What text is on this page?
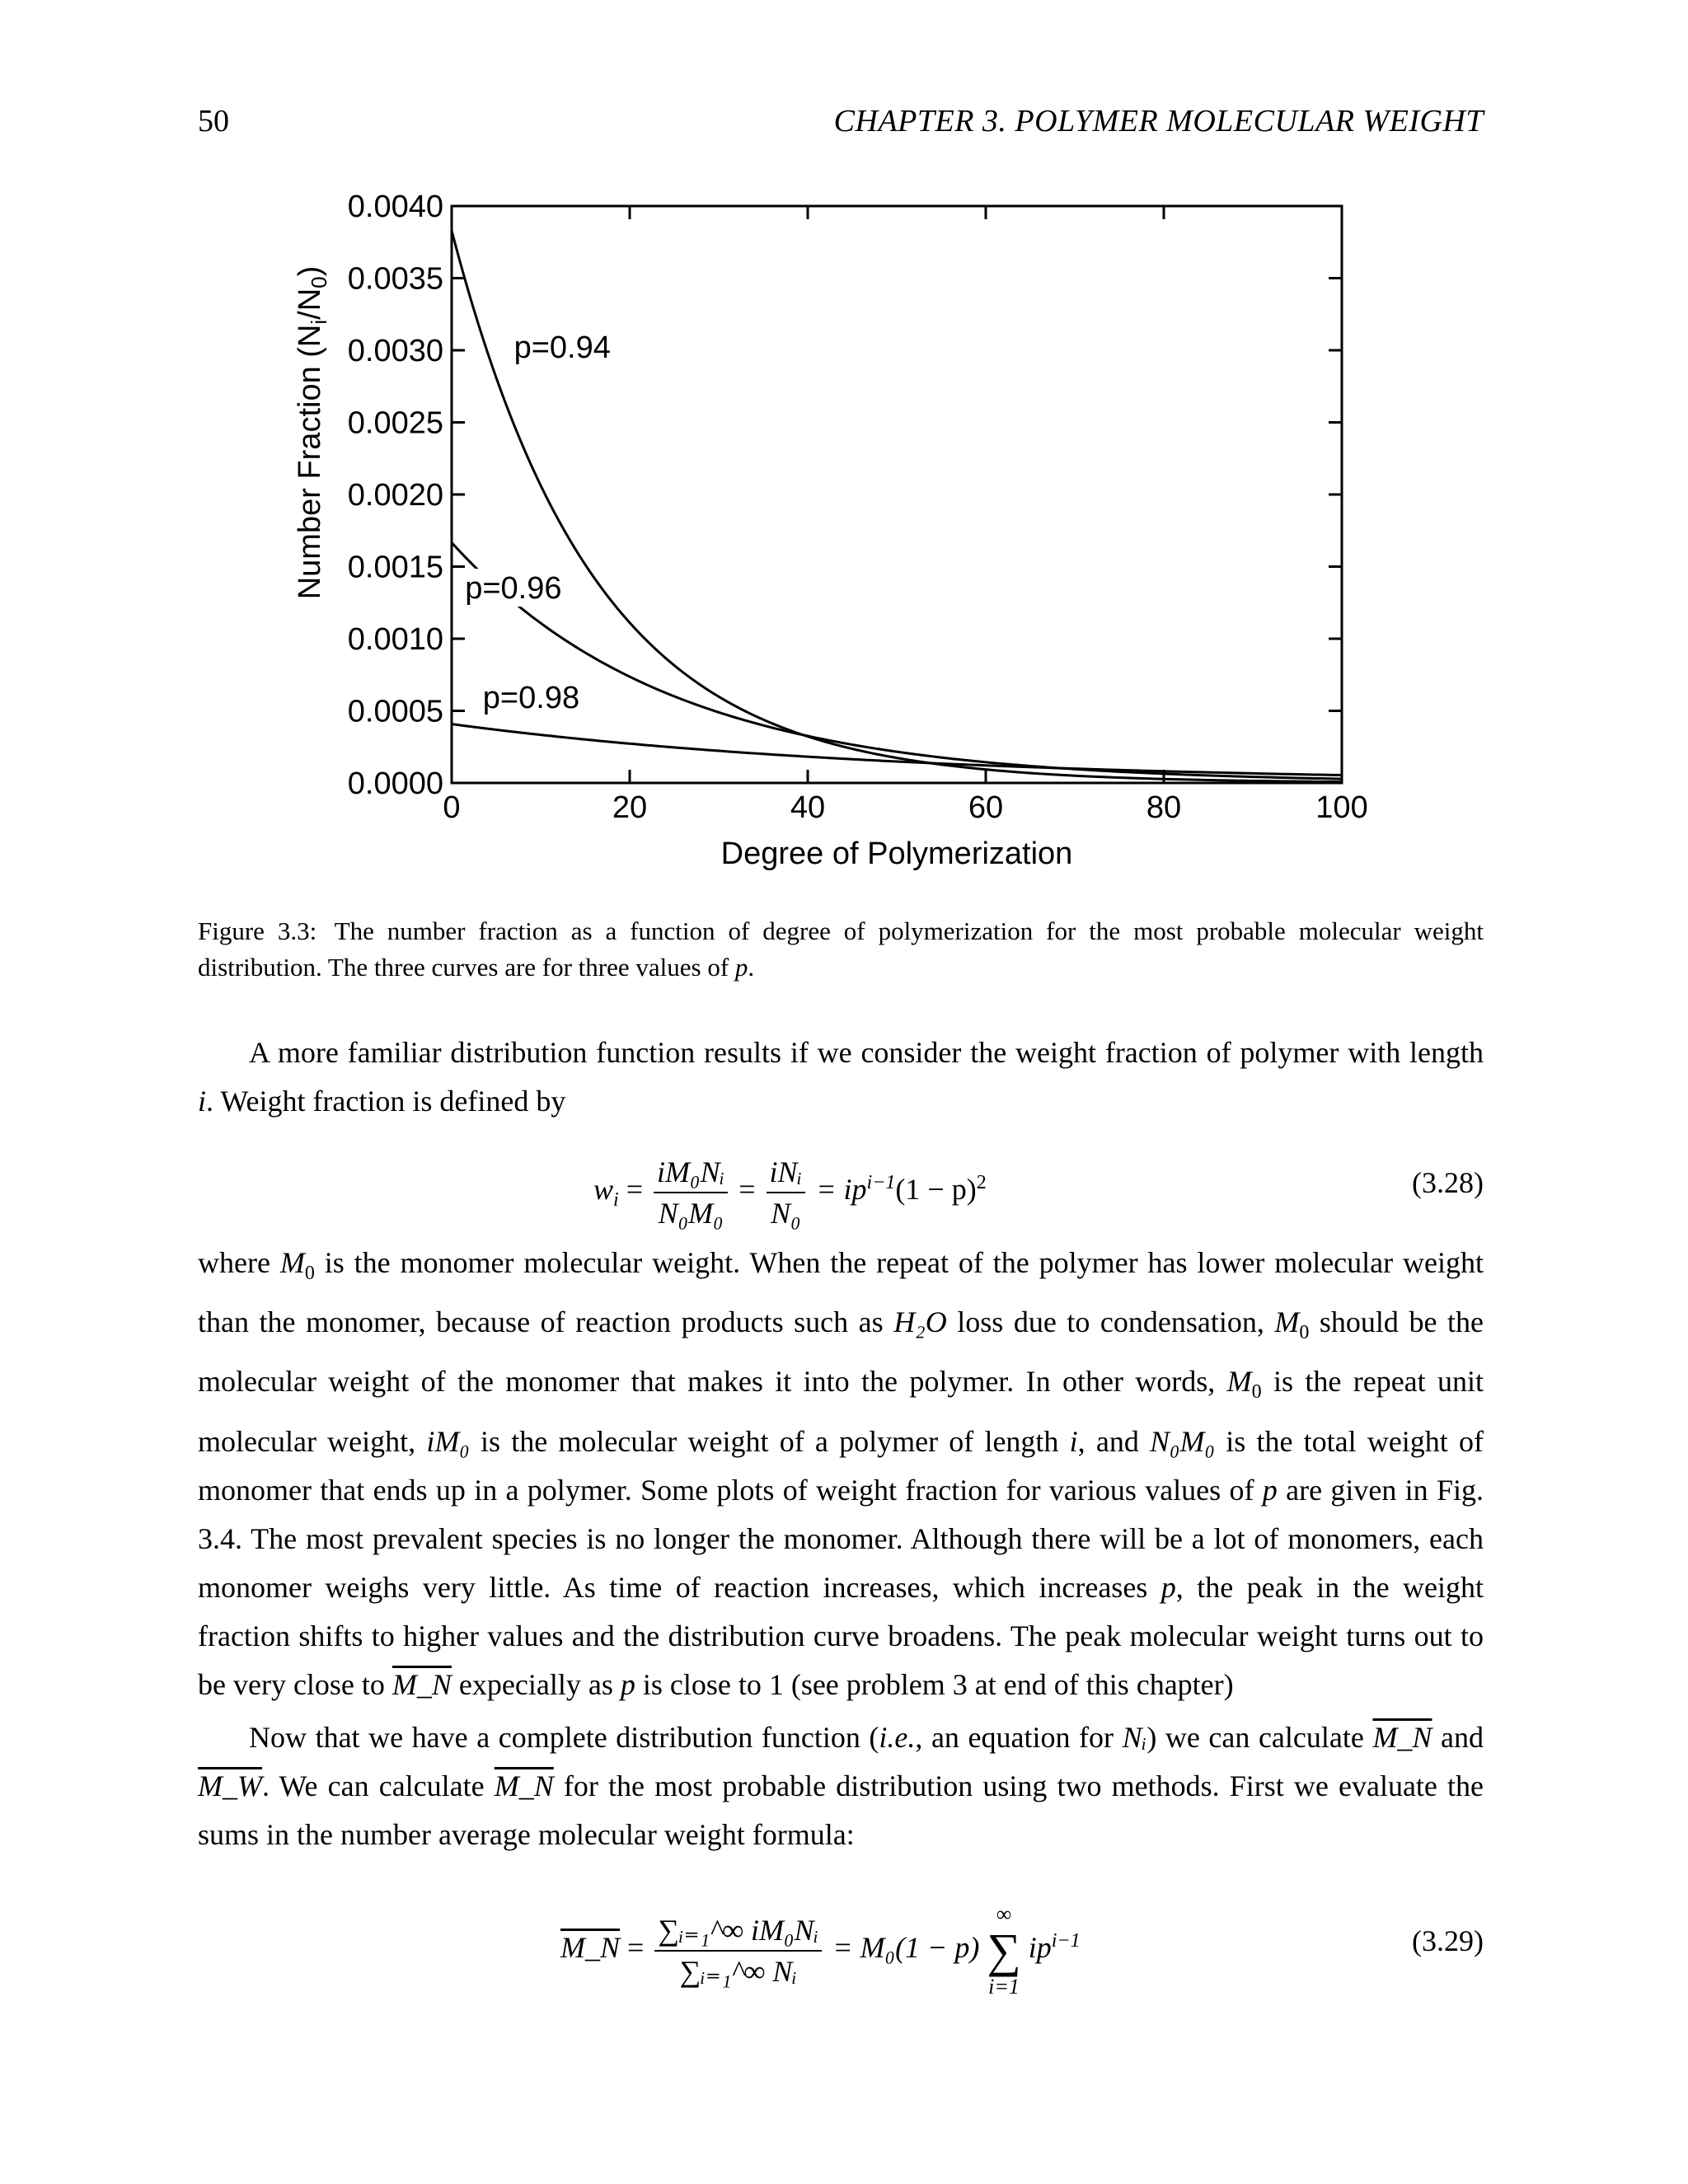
50	CHAPTER 3. POLYMER MOLECULAR WEIGHT
Number Fraction $(N_i/N_0)$
0.0000
0.0005
0.0010
0.0015
0.0020
0.0025
0.0030
0.0035
0.0040
0	20	40	60	80	100
p=0.94
p=0.96
p=0.98
Degree of Polymerization
Figure 3.3: The number fraction as a function of degree of polymerization for the most probable molecular weight distribution. The three curves are for three values of p.
A more familiar distribution function results if we consider the weight fraction of polymer with length i. Weight fraction is defined by
$w_i = \frac{\text{iM₀Nᵢ}}{\text{N₀M₀}} = \frac{\text{iNᵢ}}{\text{N₀}} = ip^{i-1}(1 - p)^2$	(3.28)
where $M_0$ is the monomer molecular weight. When the repeat of the polymer has lower molecular weight than the monomer, because of reaction products such as H₂O loss due to condensation, $M_0$ should be the molecular weight of the monomer that makes it into the polymer. In other words, $M_0$ is the repeat unit molecular weight, iM₀ is the molecular weight of a polymer of length i, and N₀M₀ is the total weight of monomer that ends up in a polymer. Some plots of weight fraction for various values of p are given in Fig. 3.4. The most prevalent species is no longer the monomer. Although there will be a lot of monomers, each monomer weighs very little. As time of reaction increases, which increases p, the peak in the weight fraction shifts to higher values and the distribution curve broadens. The peak molecular weight turns out to be very close to M_N expecially as p is close to 1 (see problem 3 at end of this chapter)
Now that we have a complete distribution function (i.e., an equation for Nᵢ) we can calculate M_N and M_W. We can calculate M_N for the most probable distribution using two methods. First we evaluate the sums in the number average molecular weight formula:
M_N = $\frac{\text{∑ᵢ₌₁\textasciicircum{}∞ iM₀Nᵢ}}{\text{∑ᵢ₌₁\textasciicircum{}∞ Nᵢ}} = M_0(1 - p)$
∞
∑
i=1
$ip^{i-1}$	(3.29)
